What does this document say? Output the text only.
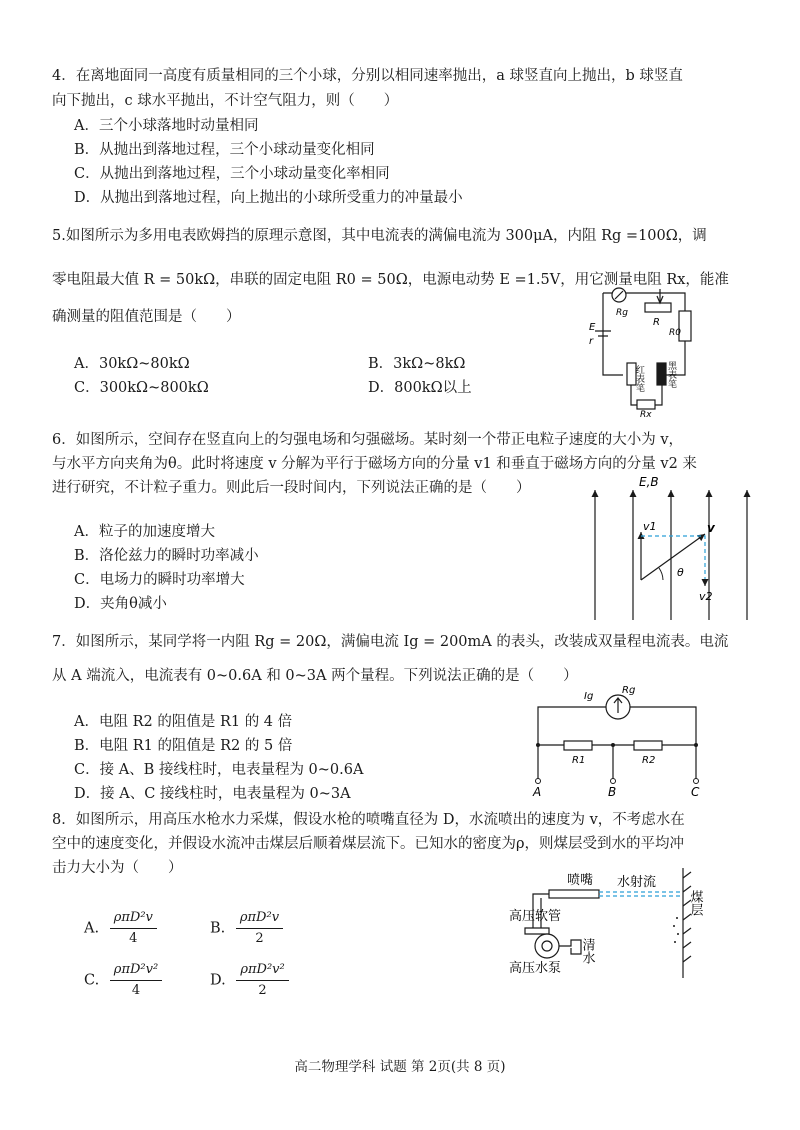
4．在离地面同一高度有质量相同的三个小球，分别以相同速率抛出，a 球竖直向上抛出，b 球竖直
向下抛出，c 球水平抛出，不计空气阻力，则（　　）
A．三个小球落地时动量相同
B．从抛出到落地过程，三个小球动量变化相同
C．从抛出到落地过程，三个小球动量变化率相同
D．从抛出到落地过程，向上抛出的小球所受重力的冲量最小
5.如图所示为多用电表欧姆挡的原理示意图，其中电流表的满偏电流为 300μA，内阻 Rg =100Ω，调
零电阻最大值 R = 50kΩ，串联的固定电阻 R0 = 50Ω，电源电动势 E =1.5V，用它测量电阻 Rx，能准
确测量的阻值范围是（　　）
A．30kΩ~80kΩ	B．3kΩ~8kΩ
C．300kΩ~800kΩ	D．800kΩ以上
E
r
Rg
R
R0
红表笔 黑表笔
Rx
6．如图所示，空间存在竖直向上的匀强电场和匀强磁场。某时刻一个带正电粒子速度的大小为 v，
与水平方向夹角为θ。此时将速度 v 分解为平行于磁场方向的分量 v1 和垂直于磁场方向的分量 v2 来
进行研究，不计粒子重力。则此后一段时间内，下列说法正确的是（　　）
A．粒子的加速度增大
B．洛伦兹力的瞬时功率减小
C．电场力的瞬时功率增大
D．夹角θ减小
E,B
v1	v
θ
v2
7．如图所示，某同学将一内阻 Rg = 20Ω，满偏电流 Ig = 200mA 的表头，改装成双量程电流表。电流
从 A 端流入，电流表有 0~0.6A 和 0~3A 两个量程。下列说法正确的是（　　）
A．电阻 R2 的阻值是 R1 的 4 倍
B．电阻 R1 的阻值是 R2 的 5 倍
C．接 A、B 接线柱时，电表量程为 0~0.6A
D．接 A、C 接线柱时，电表量程为 0~3A
Ig
Rg
R1	R2
A	B	C
8．如图所示，用高压水枪水力采煤，假设水枪的喷嘴直径为 D，水流喷出的速度为 v，不考虑水在
空中的速度变化，并假设水流冲击煤层后顺着煤层流下。已知水的密度为ρ，则煤层受到水的平均冲
击力大小为（　　）
A. $\frac{\text{ρπD²v}}{4}$	B. $\frac{\text{ρπD²v}}{2}$
C. $\frac{\text{ρπD²v²}}{4}$	D. $\frac{\text{ρπD²v²}}{2}$
喷嘴 水射流
高压软管
煤层
高压水泵
清水
高二物理学科 试题 第 2页(共 8 页)
